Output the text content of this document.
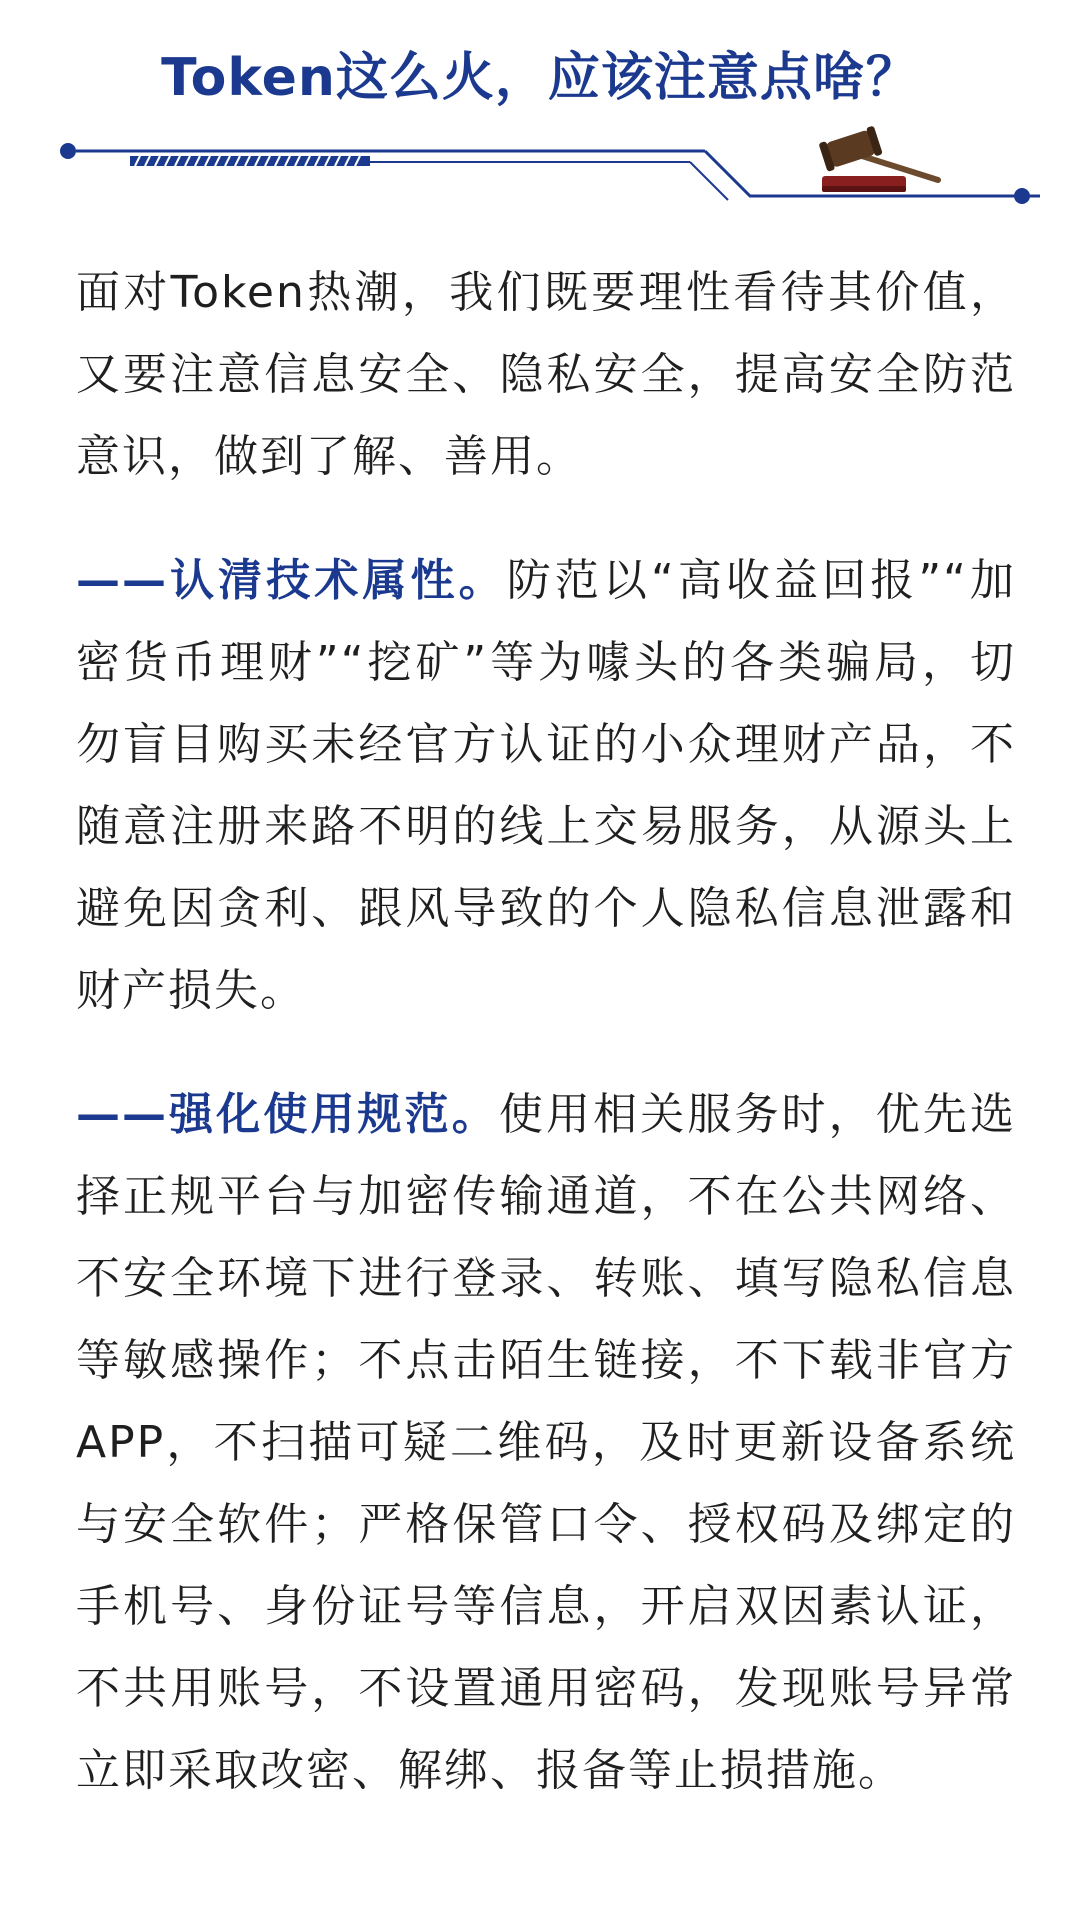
Token这么火，应该注意点啥？

面对Token热潮，我们既要理性看待其价值，又要注意信息安全、隐私安全，提高安全防范意识，做到了解、善用。

——认清技术属性。防范以“高收益回报”“加密货币理财”“挖矿”等为噱头的各类骗局，切勿盲目购买未经官方认证的小众理财产品，不随意注册来路不明的线上交易服务，从源头上避免因贪利、跟风导致的个人隐私信息泄露和财产损失。

——强化使用规范。使用相关服务时，优先选择正规平台与加密传输通道，不在公共网络、不安全环境下进行登录、转账、填写隐私信息等敏感操作；不点击陌生链接，不下载非官方APP，不扫描可疑二维码，及时更新设备系统与安全软件；严格保管口令、授权码及绑定的手机号、身份证号等信息，开启双因素认证，不共用账号，不设置通用密码，发现账号异常立即采取改密、解绑、报备等止损措施。
